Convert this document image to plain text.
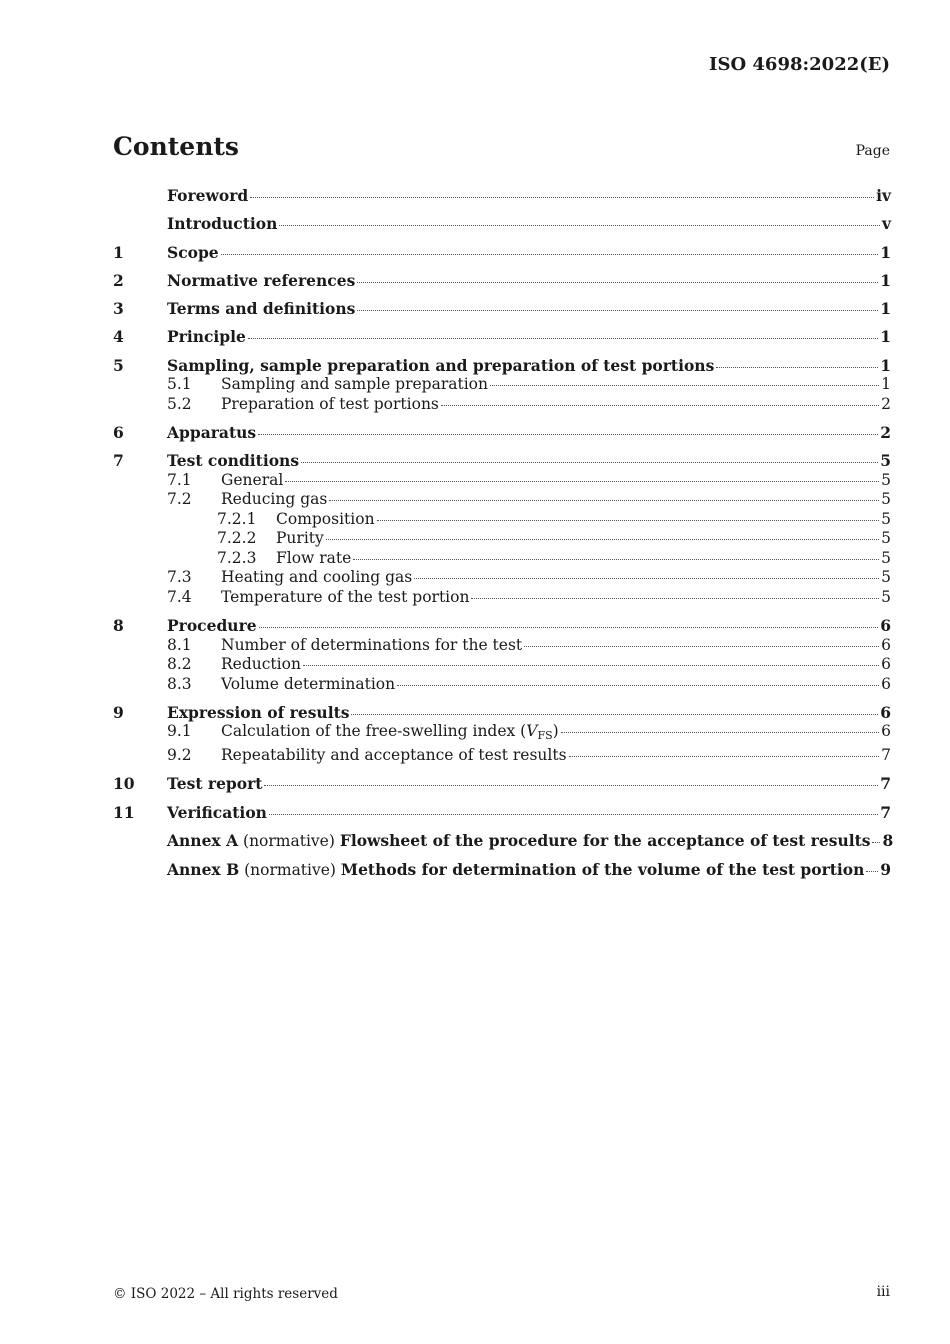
ISO 4698:2022(E)
Contents	Page
Foreword	iv
Introduction	v
1	Scope	1
2	Normative references	1
3	Terms and definitions	1
4	Principle	1
5	Sampling, sample preparation and preparation of test portions	1
5.1	Sampling and sample preparation	1
5.2	Preparation of test portions	2
6	Apparatus	2
7	Test conditions	5
7.1	General	5
7.2	Reducing gas	5
7.2.1	Composition	5
7.2.2	Purity	5
7.2.3	Flow rate	5
7.3	Heating and cooling gas	5
7.4	Temperature of the test portion	5
8	Procedure	6
8.1	Number of determinations for the test	6
8.2	Reduction	6
8.3	Volume determination	6
9	Expression of results	6
9.1	Calculation of the free-swelling index $(V_{FS})$	6
9.2	Repeatability and acceptance of test results	7
10	Test report	7
11	Verification	7
Annex A (normative) Flowsheet of the procedure for the acceptance of test results 8
Annex B (normative) Methods for determination of the volume of the test portion 9
© ISO 2022 – All rights reserved	iii
